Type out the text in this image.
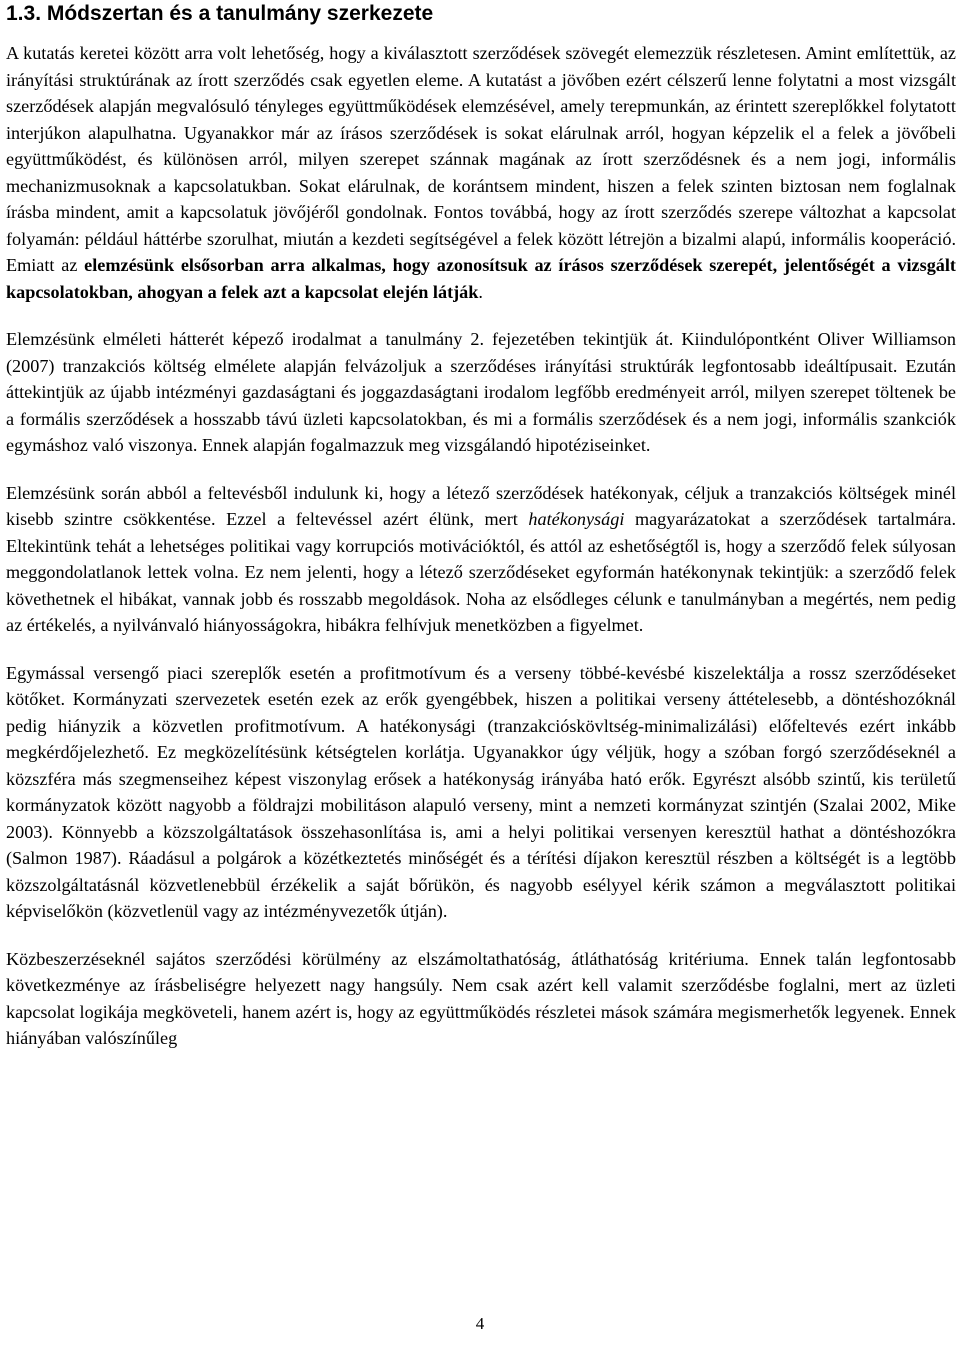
1.3. Módszertan és a tanulmány szerkezete

A kutatás keretei között arra volt lehetőség, hogy a kiválasztott szerződések szövegét elemezzük részletesen. Amint említettük, az irányítási struktúrának az írott szerződés csak egyetlen eleme. A kutatást a jövőben ezért célszerű lenne folytatni a most vizsgált szerződések alapján megvalósuló tényleges együttműködések elemzésével, amely terepmunkán, az érintett szereplőkkel folytatott interjúkon alapulhatna. Ugyanakkor már az írásos szerződések is sokat elárulnak arról, hogyan képzelik el a felek a jövőbeli együttműködést, és különösen arról, milyen szerepet szánnak magának az írott szerződésnek és a nem jogi, informális mechanizmusoknak a kapcsolatukban. Sokat elárulnak, de korántsem mindent, hiszen a felek szinten biztosan nem foglalnak írásba mindent, amit a kapcsolatuk jövőjéről gondolnak. Fontos továbbá, hogy az írott szerződés szerepe változhat a kapcsolat folyamán: például háttérbe szorulhat, miután a kezdeti segítségével a felek között létrejön a bizalmi alapú, informális kooperáció. Emiatt az elemzésünk elsősorban arra alkalmas, hogy azonosítsuk az írásos szerződések szerepét, jelentőségét a vizsgált kapcsolatokban, ahogyan a felek azt a kapcsolat elején látják.

Elemzésünk elméleti hátterét képező irodalmat a tanulmány 2. fejezetében tekintjük át. Kiindulópontként Oliver Williamson (2007) tranzakciós költség elmélete alapján felvázoljuk a szerződéses irányítási struktúrák legfontosabb ideáltípusait. Ezután áttekintjük az újabb intézményi gazdaságtani és joggazdaságtani irodalom legfőbb eredményeit arról, milyen szerepet töltenek be a formális szerződések a hosszabb távú üzleti kapcsolatokban, és mi a formális szerződések és a nem jogi, informális szankciók egymáshoz való viszonya. Ennek alapján fogalmazzuk meg vizsgálandó hipotéziseinket.

Elemzésünk során abból a feltevésből indulunk ki, hogy a létező szerződések hatékonyak, céljuk a tranzakciós költségek minél kisebb szintre csökkentése. Ezzel a feltevéssel azért élünk, mert hatékonysági magyarázatokat a szerződések tartalmára. Eltekintünk tehát a lehetséges politikai vagy korrupciós motivációktól, és attól az eshetőségtől is, hogy a szerződő felek súlyosan meggondolatlanok lettek volna. Ez nem jelenti, hogy a létező szerződéseket egyformán hatékonynak tekintjük: a szerződő felek követhetnek el hibákat, vannak jobb és rosszabb megoldások. Noha az elsődleges célunk e tanulmányban a megértés, nem pedig az értékelés, a nyilvánvaló hiányosságokra, hibákra felhívjuk menetközben a figyelmet.

Egymással versengő piaci szereplők esetén a profitmotívum és a verseny többé-kevésbé kiszelektálja a rossz szerződéseket kötőket. Kormányzati szervezetek esetén ezek az erők gyengébbek, hiszen a politikai verseny áttételesebb, a döntéshozóknál pedig hiányzik a közvetlen profitmotívum. A hatékonysági (tranzakcióskövltség-minimalizálási) előfeltevés ezért inkább megkérdőjelezhető. Ez megközelítésünk kétségtelen korlátja. Ugyanakkor úgy véljük, hogy a szóban forgó szerződéseknél a közszféra más szegmenseihez képest viszonylag erősek a hatékonyság irányába ható erők. Egyrészt alsóbb szintű, kis területű kormányzatok között nagyobb a földrajzi mobilitáson alapuló verseny, mint a nemzeti kormányzat szintjén (Szalai 2002, Mike 2003). Könnyebb a közszolgáltatások összehasonlítása is, ami a helyi politikai versenyen keresztül hathat a döntéshozókra (Salmon 1987). Ráadásul a polgárok a közétkeztetés minőségét és a térítési díjakon keresztül részben a költségét is a legtöbb közszolgáltatásnál közvetlenebbül érzékelik a saját bőrükön, és nagyobb esélyyel kérik számon a megválasztott politikai képviselőkön (közvetlenül vagy az intézményvezetők útján).

Közbeszerzéseknél sajátos szerződési körülmény az elszámoltathatóság, átláthatóság kritériuma. Ennek talán legfontosabb következménye az írásbeliségre helyezett nagy hangsúly. Nem csak azért kell valamit szerződésbe foglalni, mert az üzleti kapcsolat logikája megköveteli, hanem azért is, hogy az együttműködés részletei mások számára megismerhetők legyenek. Ennek hiányában valószínűleg

4
